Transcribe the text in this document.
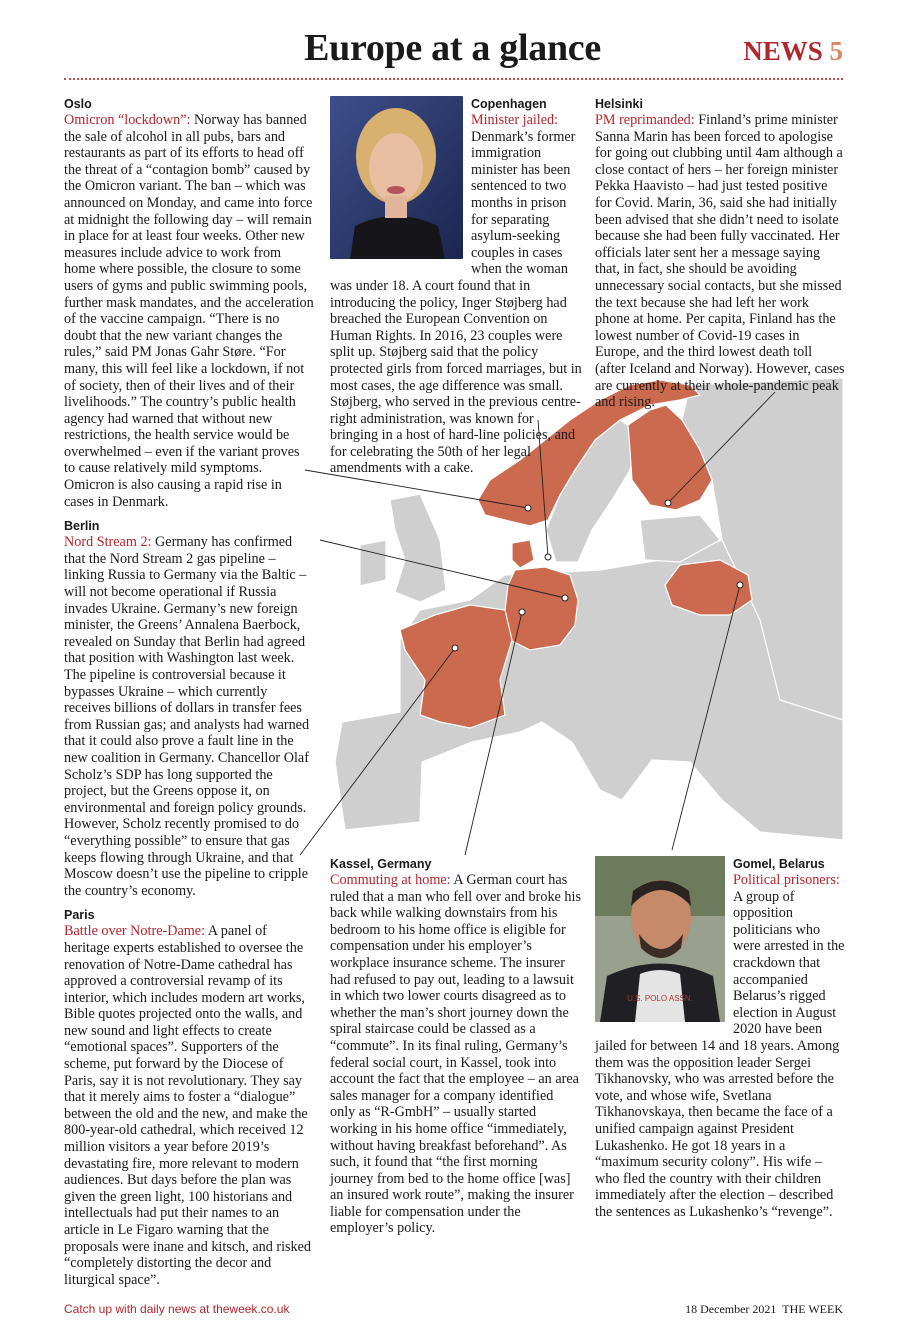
Europe at a glance	NEWS 5
Oslo

Omicron “lockdown”: Norway has banned the sale of alcohol in all pubs, bars and restaurants as part of its efforts to head off the threat of a “contagion bomb” caused by the Omicron variant. The ban – which was announced on Monday, and came into force at midnight the following day – will remain in place for at least four weeks. Other new measures include advice to work from home where possible, the closure to some users of gyms and public swimming pools, further mask mandates, and the acceleration of the vaccine campaign. “There is no doubt that the new variant changes the rules,” said PM Jonas Gahr Støre. “For many, this will feel like a lockdown, if not of society, then of their lives and of their livelihoods.” The country’s public health agency had warned that without new restrictions, the health service would be overwhelmed – even if the variant proves to cause relatively mild symptoms. Omicron is also causing a rapid rise in cases in Denmark.

Berlin

Nord Stream 2: Germany has confirmed that the Nord Stream 2 gas pipeline – linking Russia to Germany via the Baltic – will not become operational if Russia invades Ukraine. Germany’s new foreign minister, the Greens’ Annalena Baerbock, revealed on Sunday that Berlin had agreed that position with Washington last week. The pipeline is controversial because it bypasses Ukraine – which currently receives billions of dollars in transfer fees from Russian gas; and analysts had warned that it could also prove a fault line in the new coalition in Germany. Chancellor Olaf Scholz’s SDP has long supported the project, but the Greens oppose it, on environmental and foreign policy grounds. However, Scholz recently promised to do “everything possible” to ensure that gas keeps flowing through Ukraine, and that Moscow doesn’t use the pipeline to cripple the country’s economy.

Paris

Battle over Notre-Dame: A panel of heritage experts established to oversee the renovation of Notre-Dame cathedral has approved a controversial revamp of its interior, which includes modern art works, Bible quotes projected onto the walls, and new sound and light effects to create “emotional spaces”. Supporters of the scheme, put forward by the Diocese of Paris, say it is not revolutionary. They say that it merely aims to foster a “dialogue” between the old and the new, and make the 800-year-old cathedral, which received 12 million visitors a year before 2019’s devastating fire, more relevant to modern audiences. But days before the plan was given the green light, 100 historians and intellectuals had put their names to an article in Le Figaro warning that the proposals were inane and kitsch, and risked “completely distorting the decor and liturgical space”.

Copenhagen

Minister jailed: Denmark’s former immigration minister has been sentenced to two months in prison for separating asylum-seeking couples in cases when the woman was under 18. A court found that in introducing the policy, Inger Støjberg had breached the European Convention on Human Rights. In 2016, 23 couples were split up. Støjberg said that the policy protected girls from forced marriages, but in most cases, the age difference was small. Støjberg, who served in the previous centre-right administration, was known for bringing in a host of hard-line policies, and for celebrating the 50th of her legal amendments with a cake.

Kassel, Germany

Commuting at home: A German court has ruled that a man who fell over and broke his back while walking downstairs from his bedroom to his home office is eligible for compensation under his employer’s workplace insurance scheme. The insurer had refused to pay out, leading to a lawsuit in which two lower courts disagreed as to whether the man’s short journey down the spiral staircase could be classed as a “commute”. In its final ruling, Germany’s federal social court, in Kassel, took into account the fact that the employee – an area sales manager for a company identified only as “R-GmbH” – usually started working in his home office “immediately, without having breakfast beforehand”. As such, it found that “the first morning journey from bed to the home office [was] an insured work route”, making the insurer liable for compensation under the employer’s policy.

Helsinki

PM reprimanded: Finland’s prime minister Sanna Marin has been forced to apologise for going out clubbing until 4am although a close contact of hers – her foreign minister Pekka Haavisto – had just tested positive for Covid. Marin, 36, said she had initially been advised that she didn’t need to isolate because she had been fully vaccinated. Her officials later sent her a message saying that, in fact, she should be avoiding unnecessary social contacts, but she missed the text because she had left her work phone at home. Per capita, Finland has the lowest number of Covid-19 cases in Europe, and the third lowest death toll (after Iceland and Norway). However, cases are currently at their whole-pandemic peak and rising.

U.S. POLO ASSN.
Gomel, Belarus

Political prisoners: A group of opposition politicians who were arrested in the crackdown that accompanied Belarus’s rigged election in August 2020 have been jailed for between 14 and 18 years. Among them was the opposition leader Sergei Tikhanovsky, who was arrested before the vote, and whose wife, Svetlana Tikhanovskaya, then became the face of a unified campaign against President Lukashenko. He got 18 years in a “maximum security colony”. His wife – who fled the country with their children immediately after the election – described the sentences as Lukashenko’s “revenge”.

Catch up with daily news at theweek.co.uk	18 December 2021 THE WEEK
